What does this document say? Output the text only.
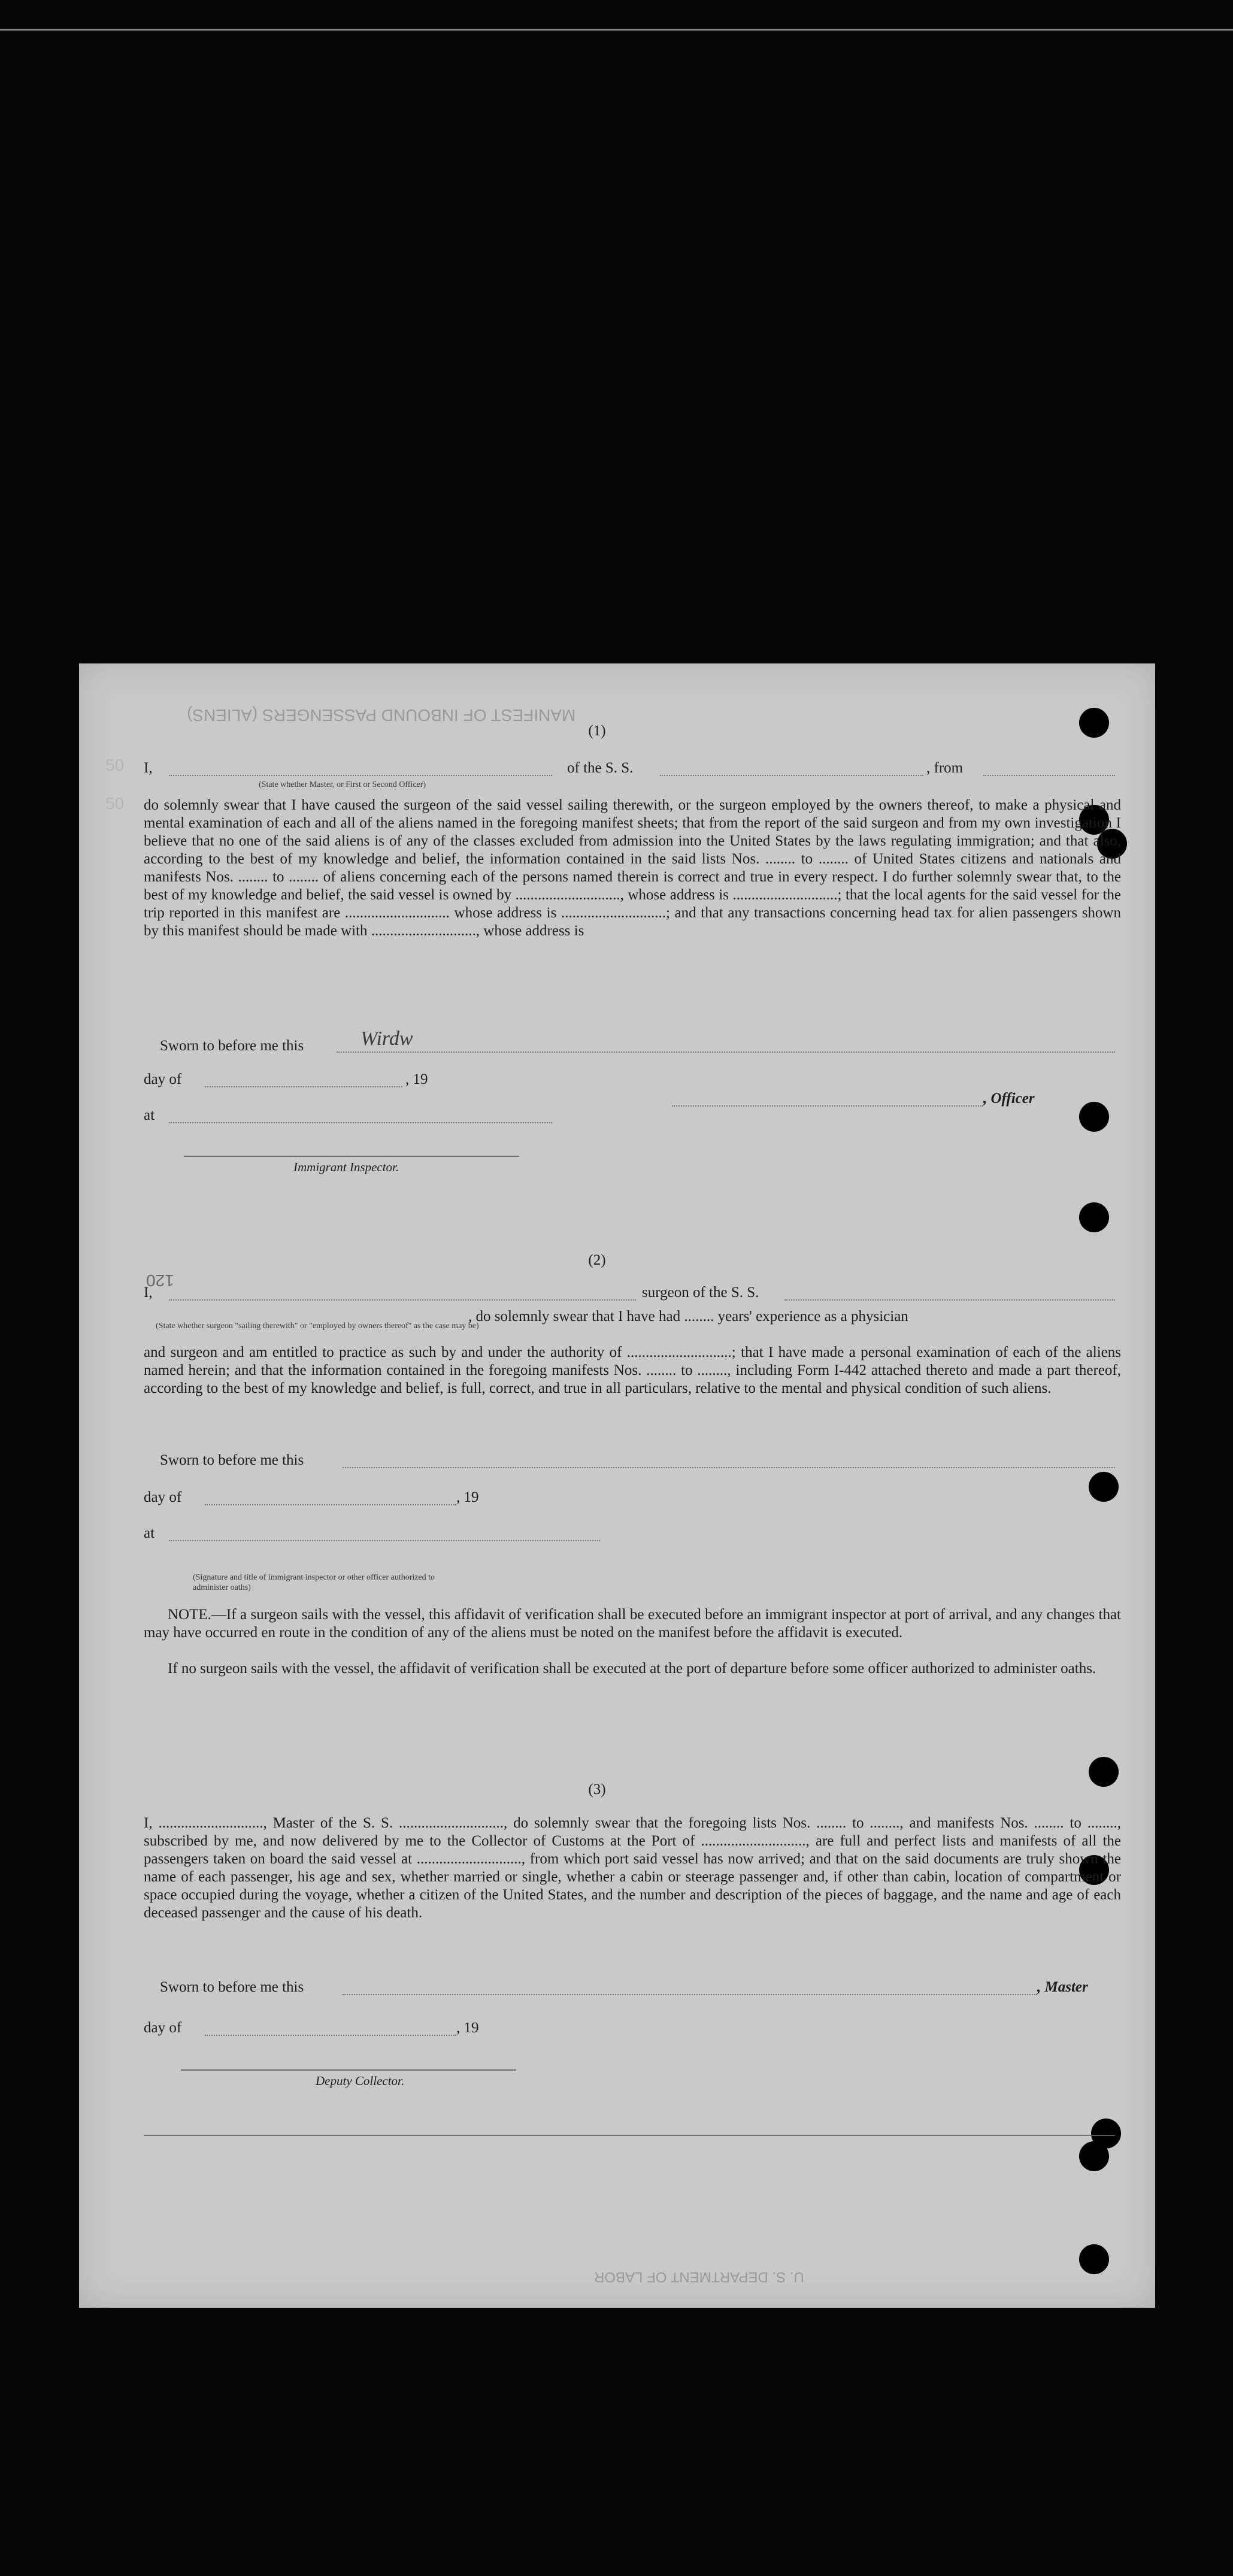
MANIFEST OF INBOUND PASSENGERS (ALIENS)
U. S. DEPARTMENT OF LABOR

(1)

I,	of the S. S.	, from

(State whether Master, or First or Second Officer)

do solemnly swear that I have caused the surgeon of the said vessel sailing therewith, or the surgeon employed by the owners thereof, to make a physical and mental examination of each and all of the aliens named in the foregoing manifest sheets; that from the report of the said surgeon and from my own investigation I believe that no one of the said aliens is of any of the classes excluded from admission into the United States by the laws regulating immigration; and that also, according to the best of my knowledge and belief, the information contained in the said lists Nos. ........ to ........ of United States citizens and nationals and manifests Nos. ........ to ........ of aliens concerning each of the persons named therein is correct and true in every respect. I do further solemnly swear that, to the best of my knowledge and belief, the said vessel is owned by ............................, whose address is ............................; that the local agents for the said vessel for the trip reported in this manifest are ............................ whose address is ............................; and that any transactions concerning head tax for alien passengers shown by this manifest should be made with ............................, whose address is

Sworn to before me this	Wirdw

day of	, 19

, Officer

at

Immigrant Inspector.

(2)

I,	surgeon of the S. S.

(State whether surgeon "sailing therewith" or "employed by owners thereof" as the case may be)

, do solemnly swear that I have had ........ years' experience as a physician

and surgeon and am entitled to practice as such by and under the authority of ............................; that I have made a personal examination of each of the aliens named herein; and that the information contained in the foregoing manifests Nos. ........ to ........, including Form I-442 attached thereto and made a part thereof, according to the best of my knowledge and belief, is full, correct, and true in all particulars, relative to the mental and physical condition of such aliens.

Sworn to before me this

day of	, 19

at

(Signature and title of immigrant inspector or other officer authorized to administer oaths)

NOTE.—If a surgeon sails with the vessel, this affidavit of verification shall be executed before an immigrant inspector at port of arrival, and any changes that may have occurred en route in the condition of any of the aliens must be noted on the manifest before the affidavit is executed.

If no surgeon sails with the vessel, the affidavit of verification shall be executed at the port of departure before some officer authorized to administer oaths.

(3)

I, ............................, Master of the S. S. ............................, do solemnly swear that the foregoing lists Nos. ........ to ........, and manifests Nos. ........ to ........, subscribed by me, and now delivered by me to the Collector of Customs at the Port of ............................, are full and perfect lists and manifests of all the passengers taken on board the said vessel at ............................, from which port said vessel has now arrived; and that on the said documents are truly shown the name of each passenger, his age and sex, whether married or single, whether a cabin or steerage passenger and, if other than cabin, location of compartment or space occupied during the voyage, whether a citizen of the United States, and the number and description of the pieces of baggage, and the name and age of each deceased passenger and the cause of his death.

Sworn to before me this	, Master

day of	, 19

Deputy Collector.

50
50
120
